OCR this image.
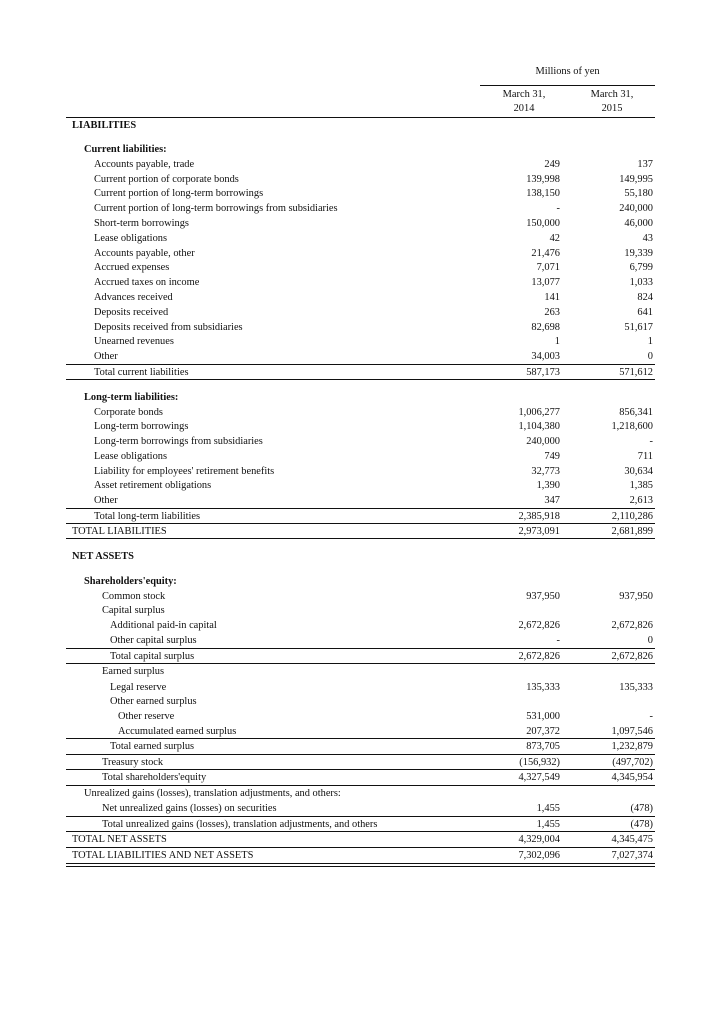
Millions of yen
March 31,
2014
March 31,
2015
LIABILITIES
Current liabilities:
Accounts payable, trade	249	137
Current portion of corporate bonds	139,998	149,995
Current portion of long-term borrowings	138,150	55,180
Current portion of long-term borrowings from subsidiaries	-	240,000
Short-term borrowings	150,000	46,000
Lease obligations	42	43
Accounts payable, other	21,476	19,339
Accrued expenses	7,071	6,799
Accrued taxes on income	13,077	1,033
Advances received	141	824
Deposits received	263	641
Deposits received from subsidiaries	82,698	51,617
Unearned revenues	1	1
Other	34,003	0
Total current liabilities	587,173	571,612
Long-term liabilities:
Corporate bonds	1,006,277	856,341
Long-term borrowings	1,104,380	1,218,600
Long-term borrowings from subsidiaries	240,000	-
Lease obligations	749	711
Liability for employees' retirement benefits	32,773	30,634
Asset retirement obligations	1,390	1,385
Other	347	2,613
Total long-term liabilities	2,385,918	2,110,286
TOTAL LIABILITIES	2,973,091	2,681,899
NET ASSETS
Shareholders'equity:
Common stock	937,950	937,950
Capital surplus
Additional paid-in capital	2,672,826	2,672,826
Other capital surplus	-	0
Total capital surplus	2,672,826	2,672,826
Earned surplus
Legal reserve	135,333	135,333
Other earned surplus
Other reserve	531,000	-
Accumulated earned surplus	207,372	1,097,546
Total earned surplus	873,705	1,232,879
Treasury stock	(156,932)	(497,702)
Total shareholders'equity	4,327,549	4,345,954
Unrealized gains (losses), translation adjustments, and others:
Net unrealized gains (losses) on securities	1,455	(478)
Total unrealized gains (losses), translation adjustments, and others	1,455	(478)
TOTAL NET ASSETS	4,329,004	4,345,475
TOTAL LIABILITIES AND NET ASSETS	7,302,096	7,027,374
